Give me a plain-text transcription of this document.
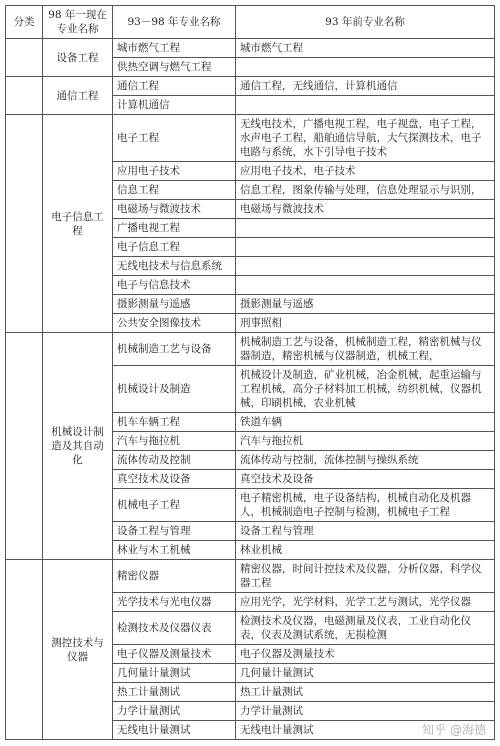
分类	98 年一现在专业名称	93－98 年专业名称	93 年前专业名称
	设备工程	城市燃气工程	城市燃气工程
		供热空调与燃气工程	
	通信工程	通信工程	通信工程，无线通信，计算机通信
		计算机通信	
	电子信息工程	电子工程	无线电技术，广播电视工程，电子视盘，电子工程，水声电子工程，船舶通信导航，大气探测技术，电子电路与系统，水下引导电子技术
		应用电子技术	应用电子技术，电子技术
		信息工程	信息工程，图象传输与处理，信息处理显示与识别，
		电磁场与微波技术	电磁场与微波技术
		广播电视工程	
		电子信息工程	
		无线电技术与信息系统	
		电子与信息技术	
		摄影测量与遥感	摄影测量与遥感
		公共安全图像技术	刑事照相
	机械设计制造及其自动化	机械制造工艺与设备	机械制造工艺与设备，机械制造工程，精密机械与仪器制造，精密机械与仪器制造，机械工程，
		机械设计及制造	机械设计及制造，矿业机械，冶金机械，起重运输与工程机械，高分子材料加工机械，纺织机械，仪器机械，印刷机械，农业机械
		机车车辆工程	铁道车辆
		汽车与拖拉机	汽车与拖拉机
		流体传动及控制	流体传动与控制，流体控制与操纵系统
		真空技术及设备	真空技术及设备
		机械电子工程	电子精密机械，电子设备结构，机械自动化及机器人，机械制造电子控制与检测，机械电子工程
		设备工程与管理	设备工程与管理
		林业与木工机械	林业机械
	测控技术与仪器	精密仪器	精密仪器，时间计控技术及仪器，分析仪器，科学仪器工程
		光学技术与光电仪器	应用光学，光学材料，光学工艺与测试，光学仪器
		检测技术及仪器仪表	检测技术及仪器，电磁测量及仪表，工业自动化仪表，仪表及测试系统，无损检测
		电子仪器及测量技术	电子仪器及测量技术
		几何量计量测试	几何量计量测试
		热工计量测试	热工计量测试
		力学计量测试	力学计量测试
		无线电计量测试	无线电计量测试	知乎 @海德
